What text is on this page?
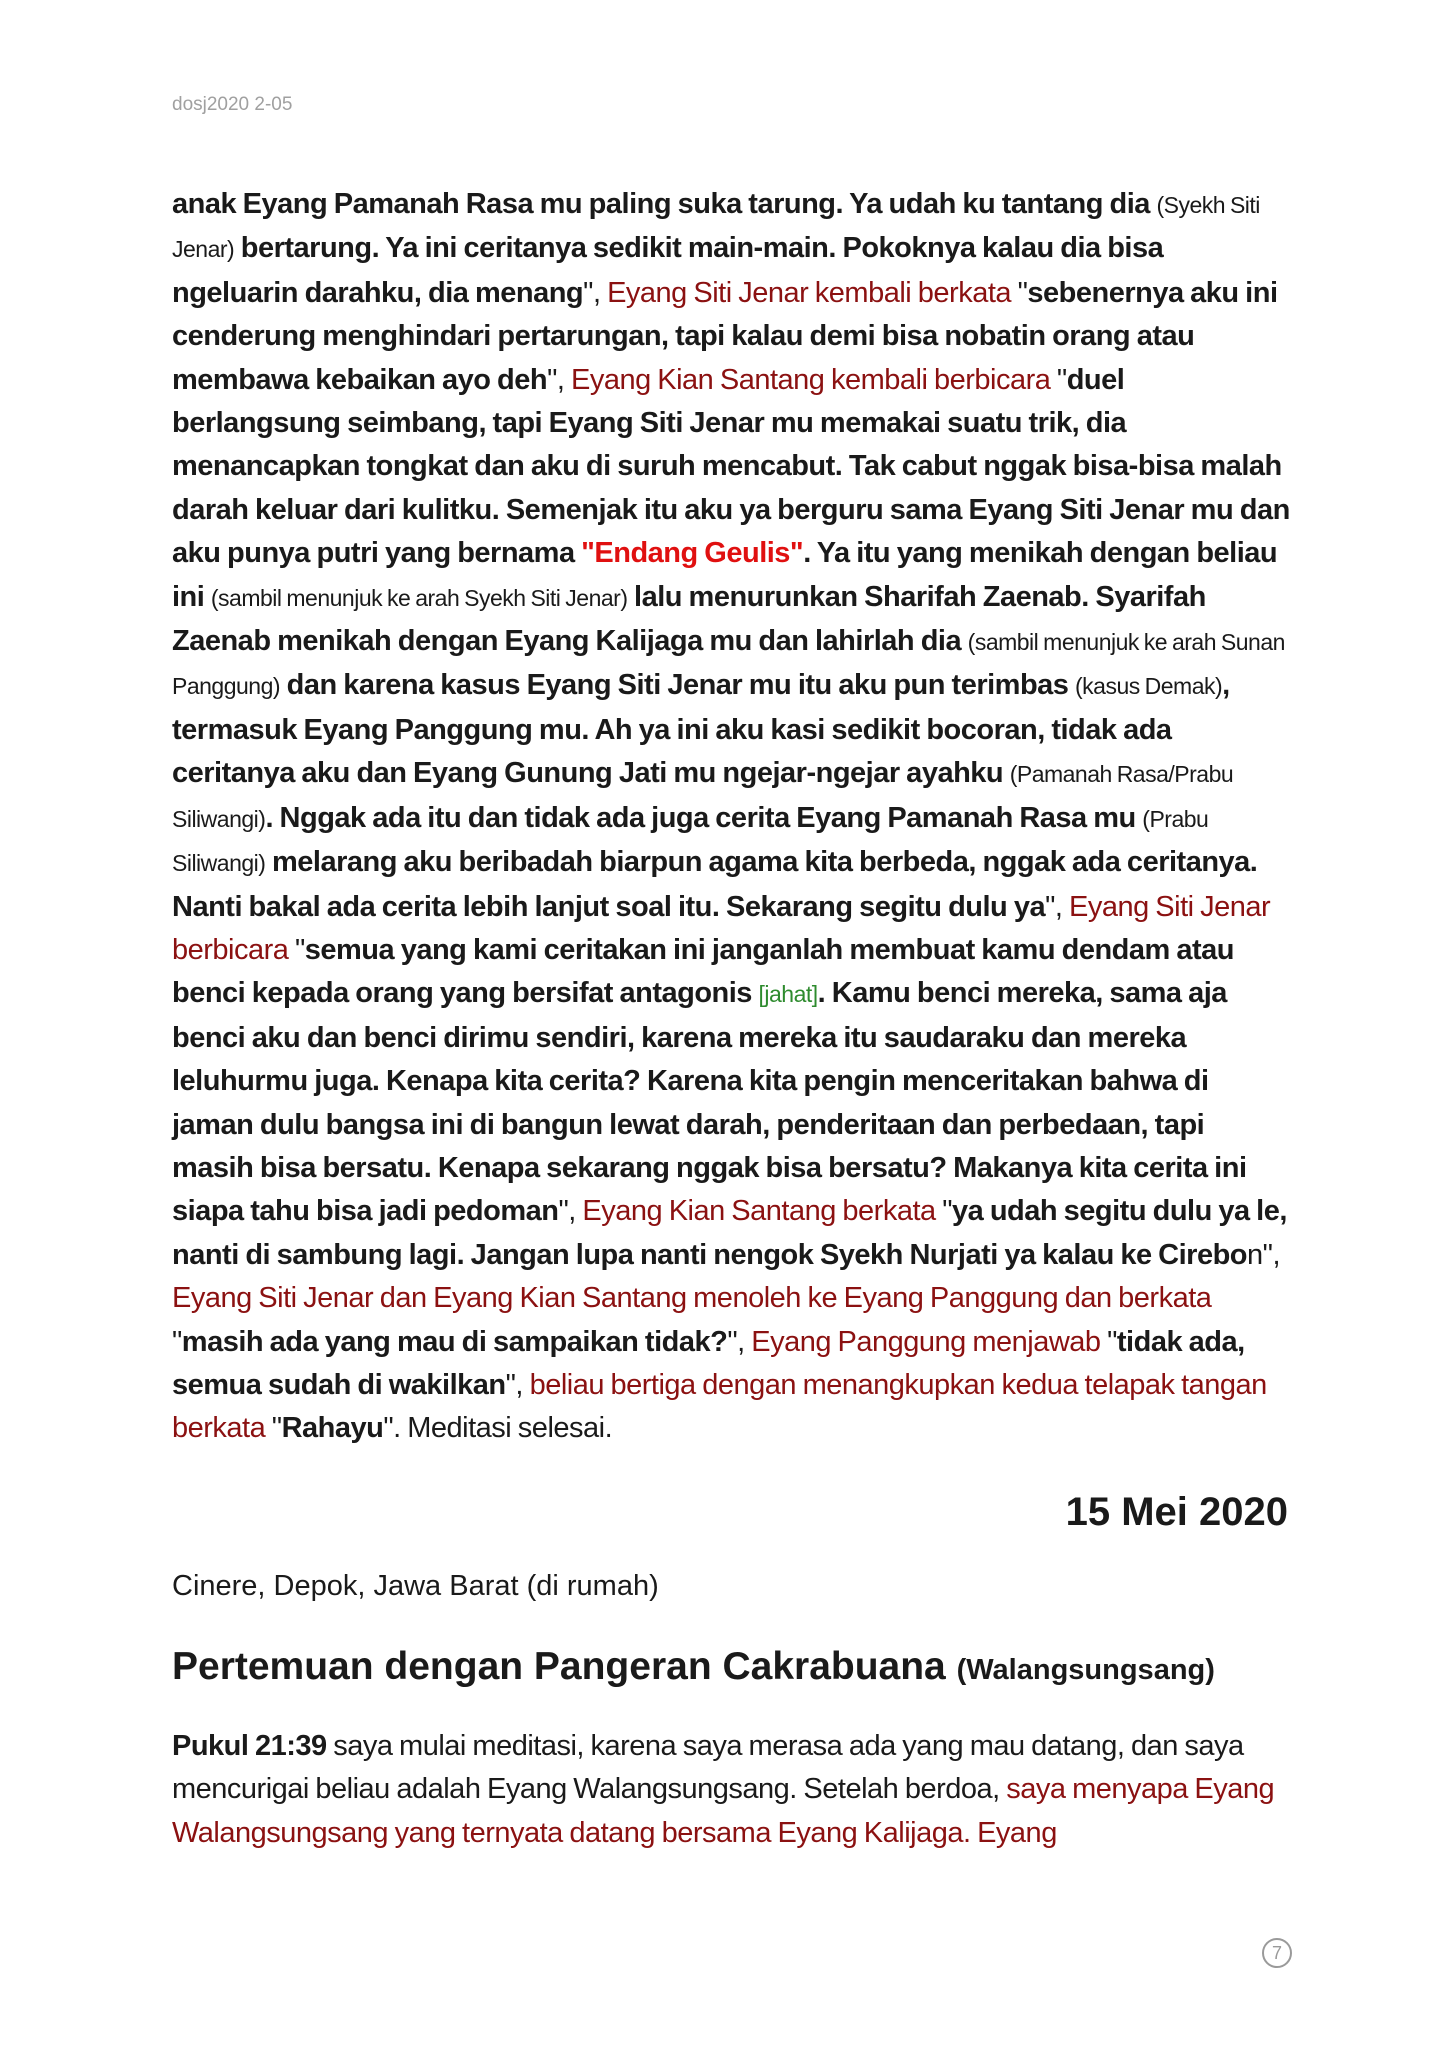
dosj2020 2-05

anak Eyang Pamanah Rasa mu paling suka tarung. Ya udah ku tantang dia (Syekh Siti Jenar) bertarung. Ya ini ceritanya sedikit main-main. Pokoknya kalau dia bisa ngeluarin darahku, dia menang", Eyang Siti Jenar kembali berkata "sebenernya aku ini cenderung menghindari pertarungan, tapi kalau demi bisa nobatin orang atau membawa kebaikan ayo deh", Eyang Kian Santang kembali berbicara "duel berlangsung seimbang, tapi Eyang Siti Jenar mu memakai suatu trik, dia menancapkan tongkat dan aku di suruh mencabut. Tak cabut nggak bisa-bisa malah darah keluar dari kulitku. Semenjak itu aku ya berguru sama Eyang Siti Jenar mu dan aku punya putri yang bernama "Endang Geulis". Ya itu yang menikah dengan beliau ini (sambil menunjuk ke arah Syekh Siti Jenar) lalu menurunkan Sharifah Zaenab. Syarifah Zaenab menikah dengan Eyang Kalijaga mu dan lahirlah dia (sambil menunjuk ke arah Sunan Panggung) dan karena kasus Eyang Siti Jenar mu itu aku pun terimbas (kasus Demak), termasuk Eyang Panggung mu. Ah ya ini aku kasi sedikit bocoran, tidak ada ceritanya aku dan Eyang Gunung Jati mu ngejar-ngejar ayahku (Pamanah Rasa/Prabu Siliwangi). Nggak ada itu dan tidak ada juga cerita Eyang Pamanah Rasa mu (Prabu Siliwangi) melarang aku beribadah biarpun agama kita berbeda, nggak ada ceritanya. Nanti bakal ada cerita lebih lanjut soal itu. Sekarang segitu dulu ya", Eyang Siti Jenar berbicara "semua yang kami ceritakan ini janganlah membuat kamu dendam atau benci kepada orang yang bersifat antagonis [jahat]. Kamu benci mereka, sama aja benci aku dan benci dirimu sendiri, karena mereka itu saudaraku dan mereka leluhurmu juga. Kenapa kita cerita? Karena kita pengin menceritakan bahwa di jaman dulu bangsa ini di bangun lewat darah, penderitaan dan perbedaan, tapi masih bisa bersatu. Kenapa sekarang nggak bisa bersatu? Makanya kita cerita ini siapa tahu bisa jadi pedoman", Eyang Kian Santang berkata "ya udah segitu dulu ya le, nanti di sambung lagi. Jangan lupa nanti nengok Syekh Nurjati ya kalau ke Cirebon", Eyang Siti Jenar dan Eyang Kian Santang menoleh ke Eyang Panggung dan berkata "masih ada yang mau di sampaikan tidak?", Eyang Panggung menjawab "tidak ada, semua sudah di wakilkan", beliau bertiga dengan menangkupkan kedua telapak tangan berkata "Rahayu". Meditasi selesai.

15 Mei 2020
Cinere, Depok, Jawa Barat (di rumah)
Pertemuan dengan Pangeran Cakrabuana (Walangsungsang)

Pukul 21:39 saya mulai meditasi, karena saya merasa ada yang mau datang, dan saya mencurigai beliau adalah Eyang Walangsungsang. Setelah berdoa, saya menyapa Eyang Walangsungsang yang ternyata datang bersama Eyang Kalijaga. Eyang

7
